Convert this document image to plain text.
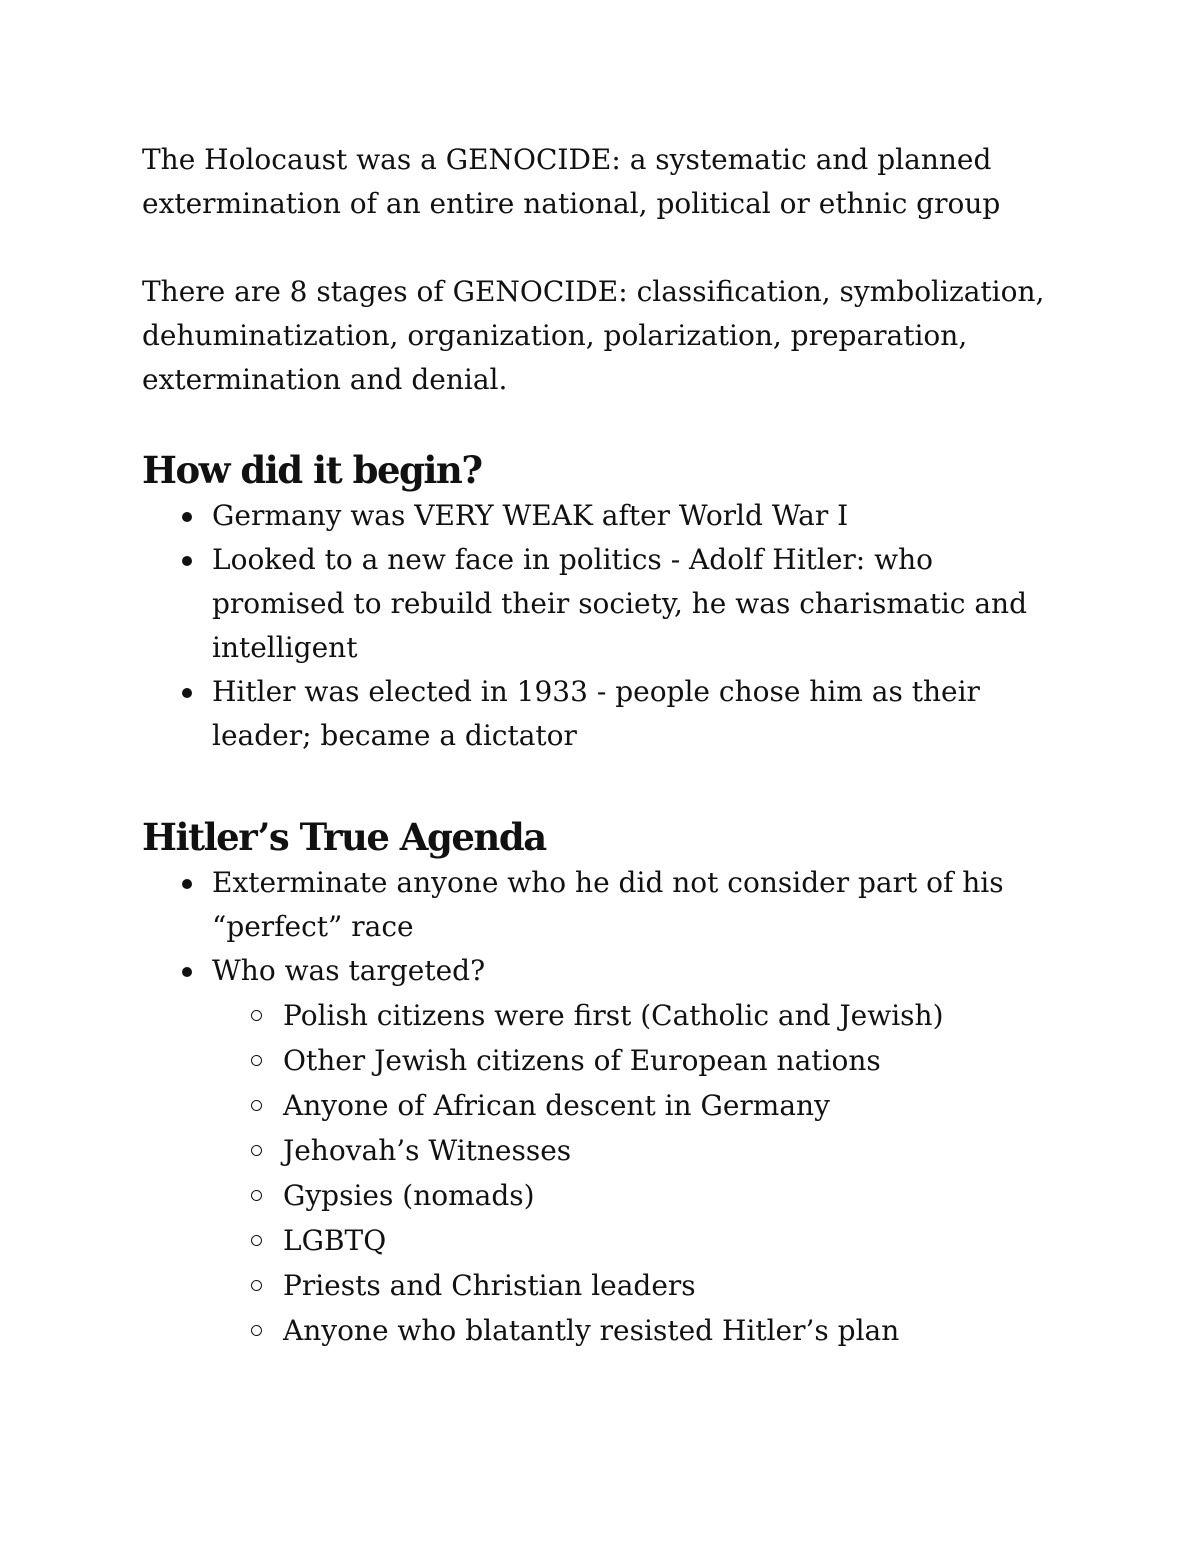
The Holocaust was a GENOCIDE: a systematic and planned extermination of an entire national, political or ethnic group

There are 8 stages of GENOCIDE: classification, symbolization, dehuminatization, organization, polarization, preparation, extermination and denial.

How did it begin?
Germany was VERY WEAK after World War I
Looked to a new face in politics - Adolf Hitler: who promised to rebuild their society, he was charismatic and intelligent
Hitler was elected in 1933 - people chose him as their leader; became a dictator
Hitler’s True Agenda
Exterminate anyone who he did not consider part of his “perfect” race
Who was targeted?
Polish citizens were first (Catholic and Jewish)
Other Jewish citizens of European nations
Anyone of African descent in Germany
Jehovah’s Witnesses
Gypsies (nomads)
LGBTQ
Priests and Christian leaders
Anyone who blatantly resisted Hitler’s plan
